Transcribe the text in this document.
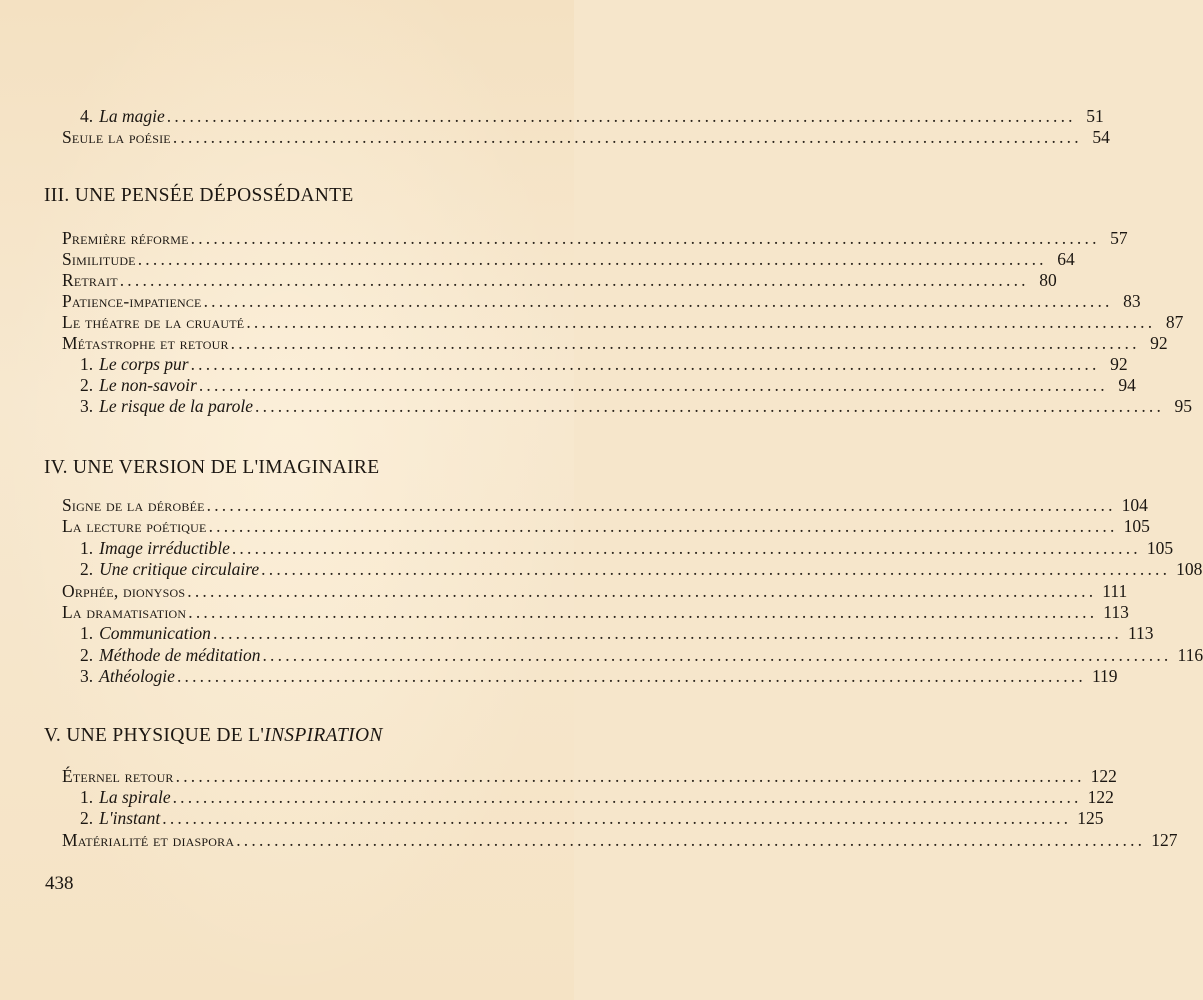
4. La magie ........................................................................................................................ 51
Seule la poésie ........................................................................................................................ 54
III. UNE PENSÉE DÉPOSSÉDANTE
Première réforme ........................................................................................................................ 57
Similitude ........................................................................................................................ 64
Retrait ........................................................................................................................ 80
Patience-impatience ........................................................................................................................ 83
Le théatre de la cruauté ........................................................................................................................ 87
Métastrophe et retour ........................................................................................................................ 92
1. Le corps pur ........................................................................................................................ 92
2. Le non-savoir ........................................................................................................................ 94
3. Le risque de la parole ........................................................................................................................ 95
IV. UNE VERSION DE L'IMAGINAIRE
Signe de la dérobée ........................................................................................................................ 104
La lecture poétique ........................................................................................................................ 105
1. Image irréductible ........................................................................................................................ 105
2. Une critique circulaire ........................................................................................................................ 108
Orphée, dionysos ........................................................................................................................ 111
La dramatisation ........................................................................................................................ 113
1. Communication ........................................................................................................................ 113
2. Méthode de méditation ........................................................................................................................ 116
3. Athéologie ........................................................................................................................ 119
V. UNE PHYSIQUE DE L'INSPIRATION
Éternel retour ........................................................................................................................ 122
1. La spirale ........................................................................................................................ 122
2. L'instant ........................................................................................................................ 125
Matérialité et diaspora ........................................................................................................................ 127
438
